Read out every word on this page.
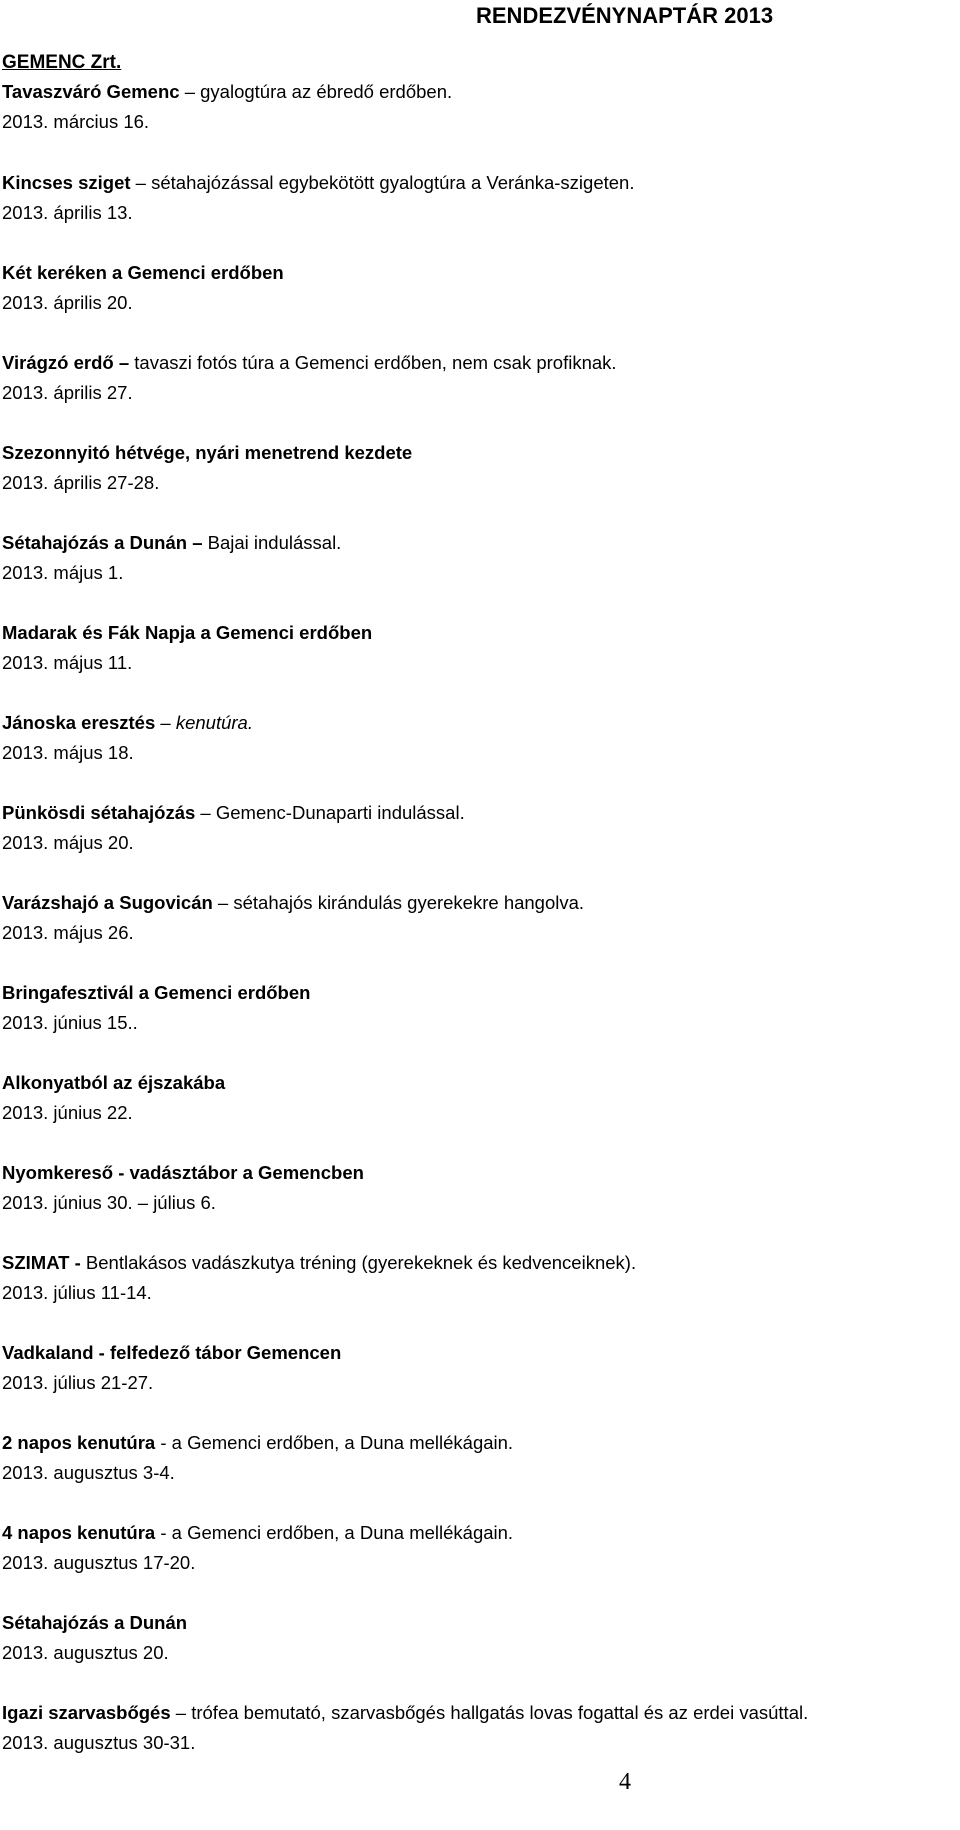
RENDEZVÉNYNAPTÁR 2013
GEMENC Zrt.
Tavaszváró Gemenc – gyalogtúra az ébredő erdőben.
2013. március 16.
Kincses sziget – sétahajózással egybekötött gyalogtúra a Veránka-szigeten.
2013. április 13.
Két keréken a Gemenci erdőben
2013. április 20.
Virágzó erdő – tavaszi fotós túra a Gemenci erdőben, nem csak profiknak.
2013. április 27.
Szezonnyitó hétvége, nyári menetrend kezdete
2013. április 27-28.
Sétahajózás a Dunán – Bajai indulással.
2013. május 1.
Madarak és Fák Napja a Gemenci erdőben
2013. május 11.
Jánoska eresztés – kenutúra.
2013. május 18.
Pünkösdi sétahajózás – Gemenc-Dunaparti indulással.
2013. május 20.
Varázshajó a Sugovicán – sétahajós kirándulás gyerekekre hangolva.
2013. május 26.
Bringafesztivál a Gemenci erdőben
2013. június 15..
Alkonyatból az éjszakába
2013. június 22.
Nyomkereső - vadásztábor a Gemencben
2013. június 30. – július 6.
SZIMAT - Bentlakásos vadászkutya tréning (gyerekeknek és kedvenceiknek).
2013. július 11-14.
Vadkaland - felfedező tábor Gemencen
2013. július 21-27.
2 napos kenutúra - a Gemenci erdőben, a Duna mellékágain.
2013. augusztus 3-4.
4 napos kenutúra - a Gemenci erdőben, a Duna mellékágain.
2013. augusztus 17-20.
Sétahajózás a Dunán
2013. augusztus 20.
Igazi szarvasbőgés – trófea bemutató, szarvasbőgés hallgatás lovas fogattal és az erdei vasúttal.
2013. augusztus 30-31.
4
